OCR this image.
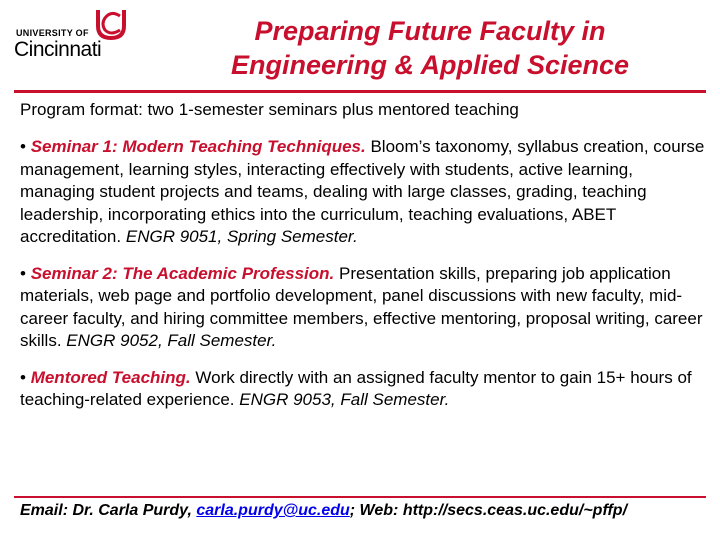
UNIVERSITY OF
Cincinnati
Preparing Future Faculty in
Engineering & Applied Science
Program format: two 1-semester seminars plus mentored teaching
• Seminar 1: Modern Teaching Techniques. Bloom’s taxonomy, syllabus creation, course management, learning styles, interacting effectively with students, active learning, managing student projects and teams, dealing with large classes, grading, teaching leadership, incorporating ethics into the curriculum, teaching evaluations, ABET accreditation. ENGR 9051, Spring Semester.
• Seminar 2: The Academic Profession. Presentation skills, preparing job application materials, web page and portfolio development, panel discussions with new faculty, mid-career faculty, and hiring committee members, effective mentoring, proposal writing, career skills. ENGR 9052, Fall Semester.
• Mentored Teaching. Work directly with an assigned faculty mentor to gain 15+ hours of teaching-related experience. ENGR 9053, Fall Semester.
Email: Dr. Carla Purdy, carla.purdy@uc.edu; Web: http://secs.ceas.uc.edu/~pffp/
